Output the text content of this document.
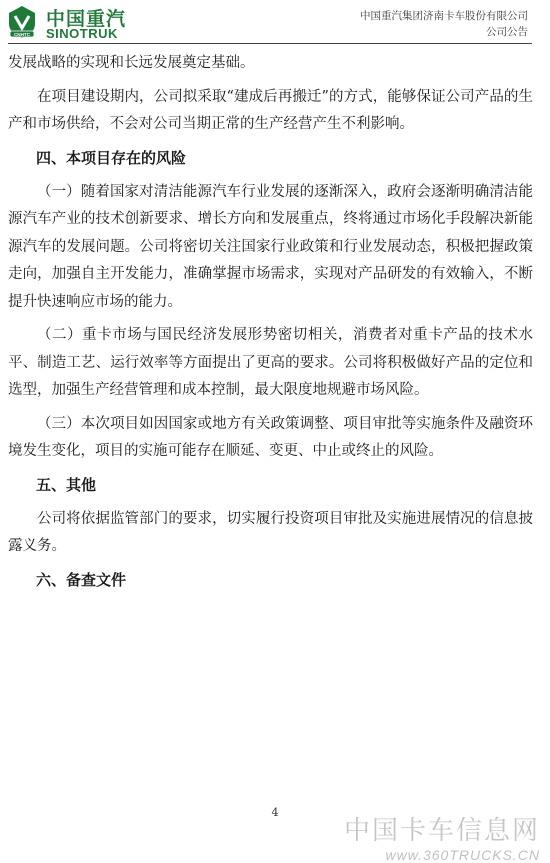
CNHTC
中国重汽
SINOTRUK
中国重汽集团济南卡车股份有限公司
公司公告
发展战略的实现和长远发展奠定基础。
在项目建设期内，公司拟采取“建成后再搬迁”的方式，能够保证公司产品的生产和市场供给，不会对公司当期正常的生产经营产生不利影响。
四、本项目存在的风险
（一）随着国家对清洁能源汽车行业发展的逐渐深入，政府会逐渐明确清洁能源汽车产业的技术创新要求、增长方向和发展重点，终将通过市场化手段解决新能源汽车的发展问题。公司将密切关注国家行业政策和行业发展动态，积极把握政策走向，加强自主开发能力，准确掌握市场需求，实现对产品研发的有效输入，不断提升快速响应市场的能力。
（二）重卡市场与国民经济发展形势密切相关，消费者对重卡产品的技术水平、制造工艺、运行效率等方面提出了更高的要求。公司将积极做好产品的定位和选型，加强生产经营管理和成本控制，最大限度地规避市场风险。
（三）本次项目如因国家或地方有关政策调整、项目审批等实施条件及融资环境发生变化，项目的实施可能存在顺延、变更、中止或终止的风险。
五、其他
公司将依据监管部门的要求，切实履行投资项目审批及实施进展情况的信息披露义务。
六、备查文件
4
中国卡车信息网
www.360TRUCKS.CN
